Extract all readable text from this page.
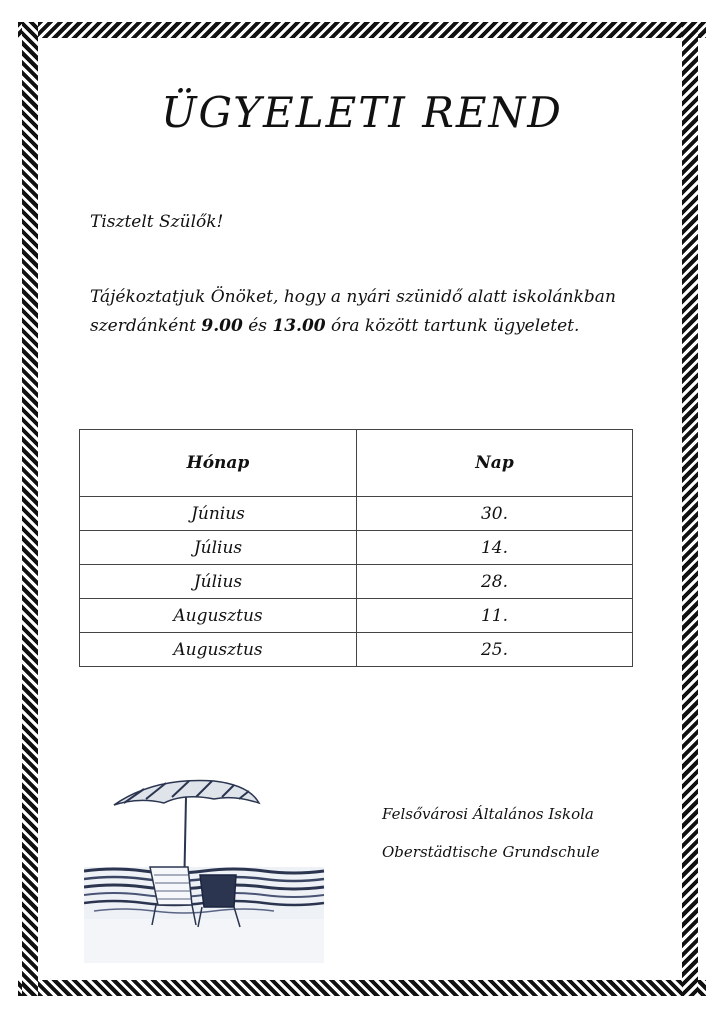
ÜGYELETI REND
Tisztelt Szülők!
Tájékoztatjuk Önöket, hogy a nyári szünidő alatt iskolánkban szerdánként 9.00 és 13.00 óra között tartunk ügyeletet.
Hónap	Nap
Június	30.
Július	14.
Július	28.
Augusztus	11.
Augusztus	25.
Felsővárosi Általános Iskola
Oberstädtische Grundschule
